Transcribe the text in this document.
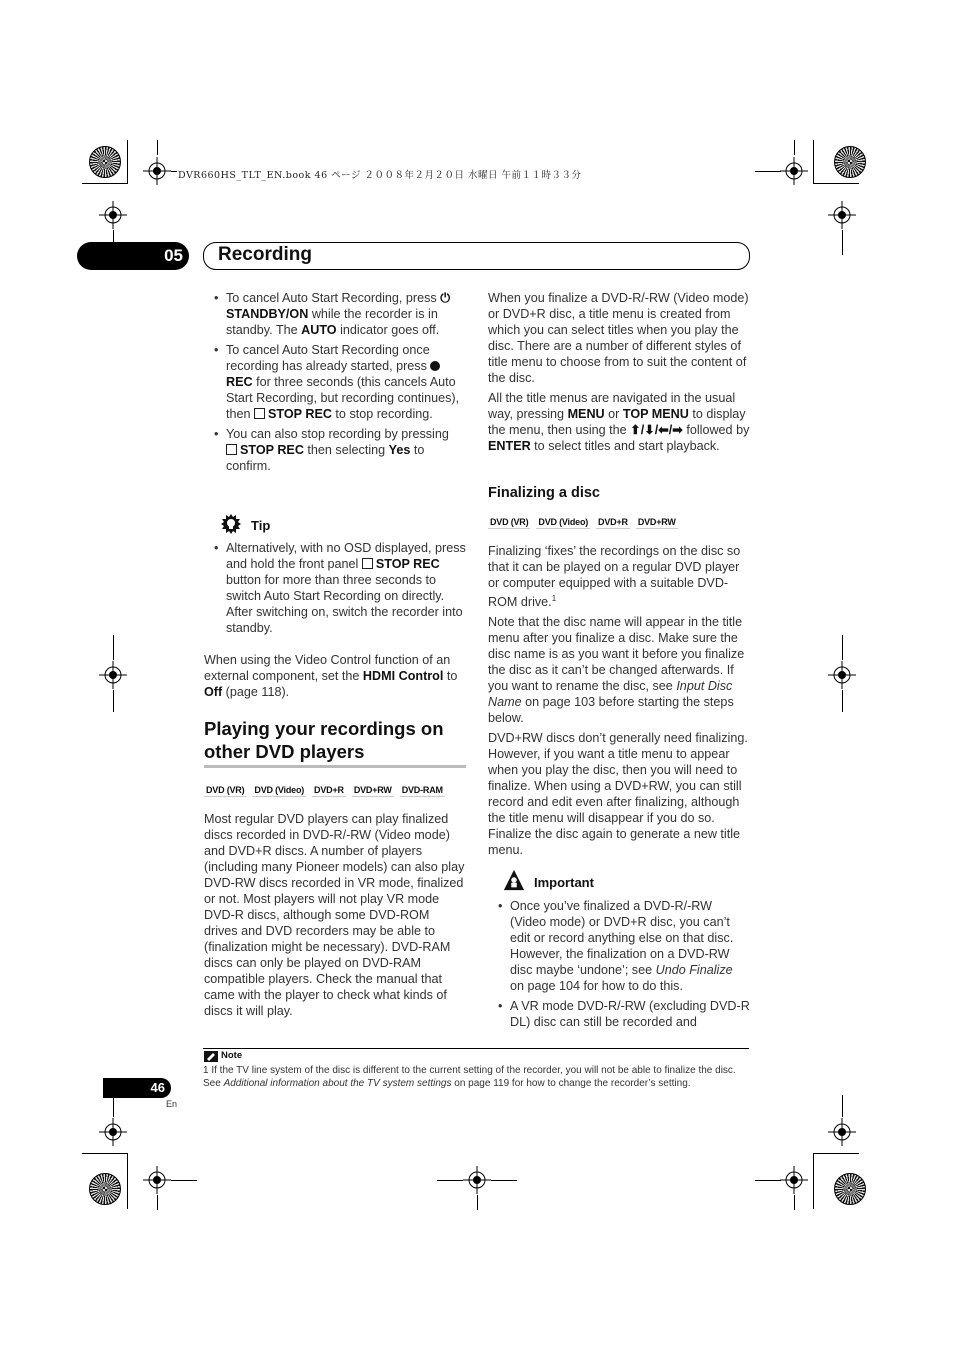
DVR660HS_TLT_EN.book 46 ページ ２００８年２月２０日 水曜日 午前１１時３３分
05 Recording
• To cancel Auto Start Recording, press ⏻ STANDBY/ON while the recorder is in standby. The AUTO indicator goes off.
• To cancel Auto Start Recording once recording has already started, press REC for three seconds (this cancels Auto Start Recording, but recording continues), then STOP REC to stop recording.
• You can also stop recording by pressing STOP REC then selecting Yes to confirm.
Tip
• Alternatively, with no OSD displayed, press and hold the front panel STOP REC button for more than three seconds to switch Auto Start Recording on directly. After switching on, switch the recorder into standby.

When using the Video Control function of an external component, set the HDMI Control to Off (page 118).

Playing your recordings on other DVD players
DVD (VR) DVD (Video) DVD+R DVD+RW DVD-RAM

Most regular DVD players can play finalized discs recorded in DVD-R/-RW (Video mode) and DVD+R discs. A number of players (including many Pioneer models) can also play DVD-RW discs recorded in VR mode, finalized or not. Most players will not play VR mode DVD-R discs, although some DVD-ROM drives and DVD recorders may be able to (finalization might be necessary). DVD-RAM discs can only be played on DVD-RAM compatible players. Check the manual that came with the player to check what kinds of discs it will play.

When you finalize a DVD-R/-RW (Video mode) or DVD+R disc, a title menu is created from which you can select titles when you play the disc. There are a number of different styles of title menu to choose from to suit the content of the disc.

All the title menus are navigated in the usual way, pressing MENU or TOP MENU to display the menu, then using the ⬆/⬇/⬅/➡ followed by ENTER to select titles and start playback.

Finalizing a disc
DVD (VR) DVD (Video) DVD+R DVD+RW

Finalizing ‘fixes’ the recordings on the disc so that it can be played on a regular DVD player or computer equipped with a suitable DVD-ROM drive.$^1$

Note that the disc name will appear in the title menu after you finalize a disc. Make sure the disc name is as you want it before you finalize the disc as it can’t be changed afterwards. If you want to rename the disc, see Input Disc Name on page 103 before starting the steps below.

DVD+RW discs don’t generally need finalizing. However, if you want a title menu to appear when you play the disc, then you will need to finalize. When using a DVD+RW, you can still record and edit even after finalizing, although the title menu will disappear if you do so. Finalize the disc again to generate a new title menu.

Important
• Once you’ve finalized a DVD-R/-RW (Video mode) or DVD+R disc, you can’t edit or record anything else on that disc. However, the finalization on a DVD-RW disc maybe ‘undone’; see Undo Finalize on page 104 for how to do this.
• A VR mode DVD-R/-RW (excluding DVD-R DL) disc can still be recorded and
Note
1 If the TV line system of the disc is different to the current setting of the recorder, you will not be able to finalize the disc. See Additional information about the TV system settings on page 119 for how to change the recorder’s setting.
46
En
